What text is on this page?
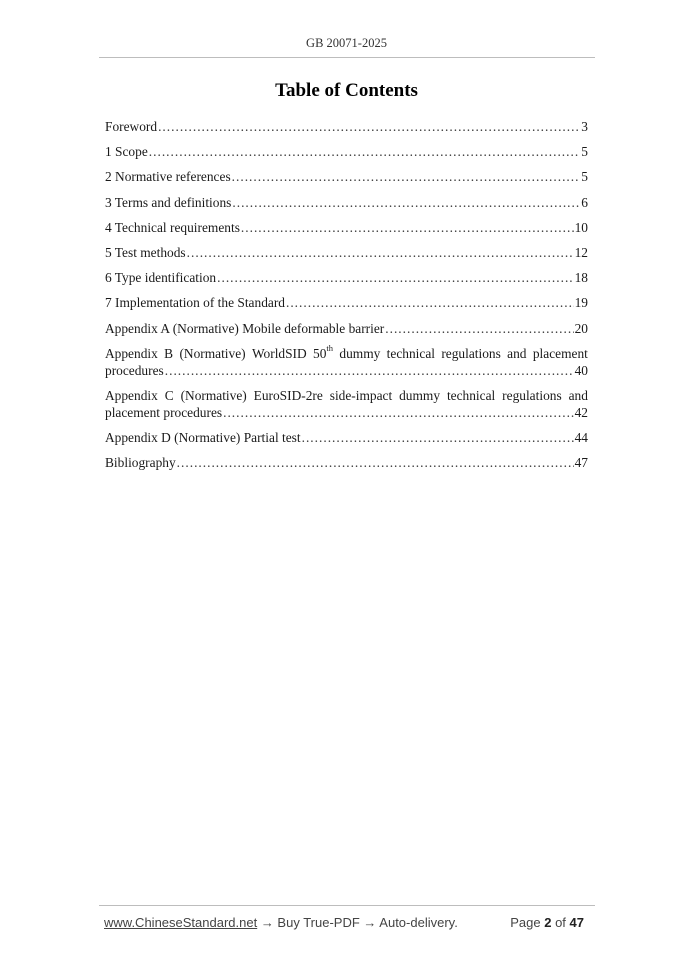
GB 20071-2025
Table of Contents
Foreword .....	3
1 Scope .....	5
2 Normative references .....	5
3 Terms and definitions .....	6
4 Technical requirements .....	10
5 Test methods .....	12
6 Type identification .....	18
7 Implementation of the Standard .....	19
Appendix A (Normative) Mobile deformable barrier .....	20
Appendix B (Normative) WorldSID 50th dummy technical regulations and placement
procedures .....	40
Appendix C (Normative) EuroSID-2re side-impact dummy technical regulations and
placement procedures .....	42
Appendix D (Normative) Partial test .....	44
Bibliography .....	47
www.ChineseStandard.net → Buy True-PDF → Auto-delivery.	Page 2 of 47
